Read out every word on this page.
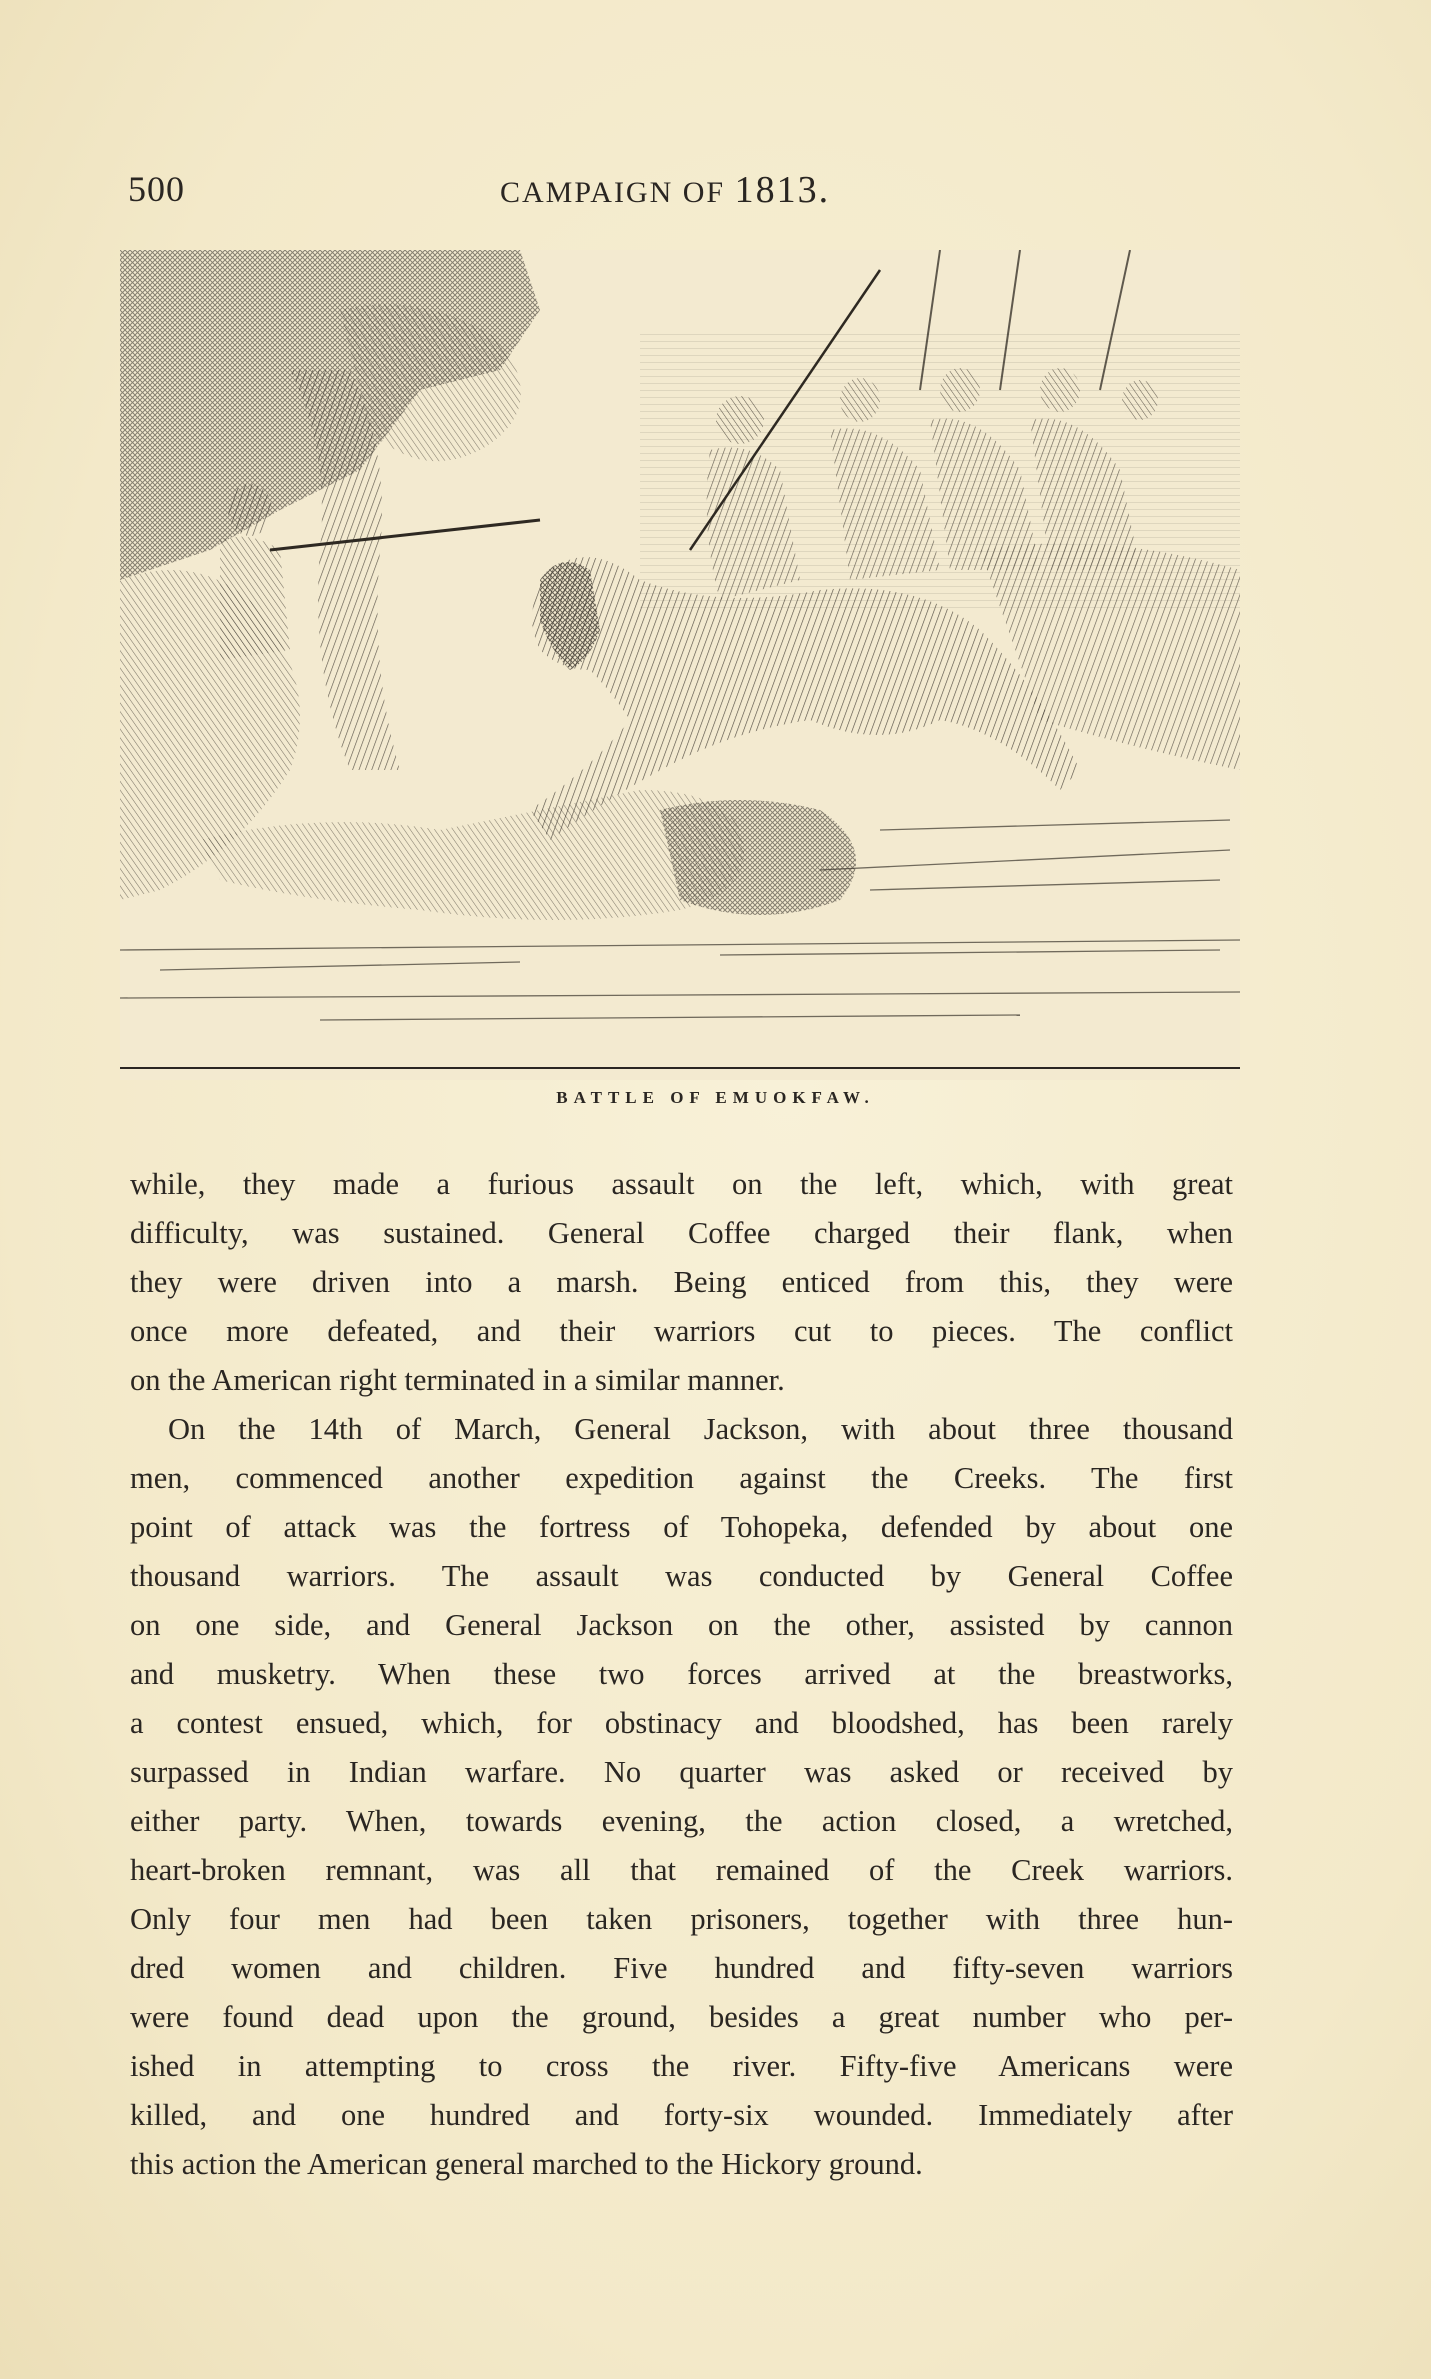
500	CAMPAIGN OF 1813.
BATTLE OF EMUOKFAW.
while, they made a furious assault on the left, which, with great
difficulty, was sustained. General Coffee charged their flank, when
they were driven into a marsh. Being enticed from this, they were
once more defeated, and their warriors cut to pieces. The conflict
on the American right terminated in a similar manner.
On the 14th of March, General Jackson, with about three thousand
men, commenced another expedition against the Creeks. The first
point of attack was the fortress of Tohopeka, defended by about one
thousand warriors. The assault was conducted by General Coffee
on one side, and General Jackson on the other, assisted by cannon
and musketry. When these two forces arrived at the breastworks,
a contest ensued, which, for obstinacy and bloodshed, has been rarely
surpassed in Indian warfare. No quarter was asked or received by
either party. When, towards evening, the action closed, a wretched,
heart-broken remnant, was all that remained of the Creek warriors.
Only four men had been taken prisoners, together with three hun-
dred women and children. Five hundred and fifty-seven warriors
were found dead upon the ground, besides a great number who per-
ished in attempting to cross the river. Fifty-five Americans were
killed, and one hundred and forty-six wounded. Immediately after
this action the American general marched to the Hickory ground.
